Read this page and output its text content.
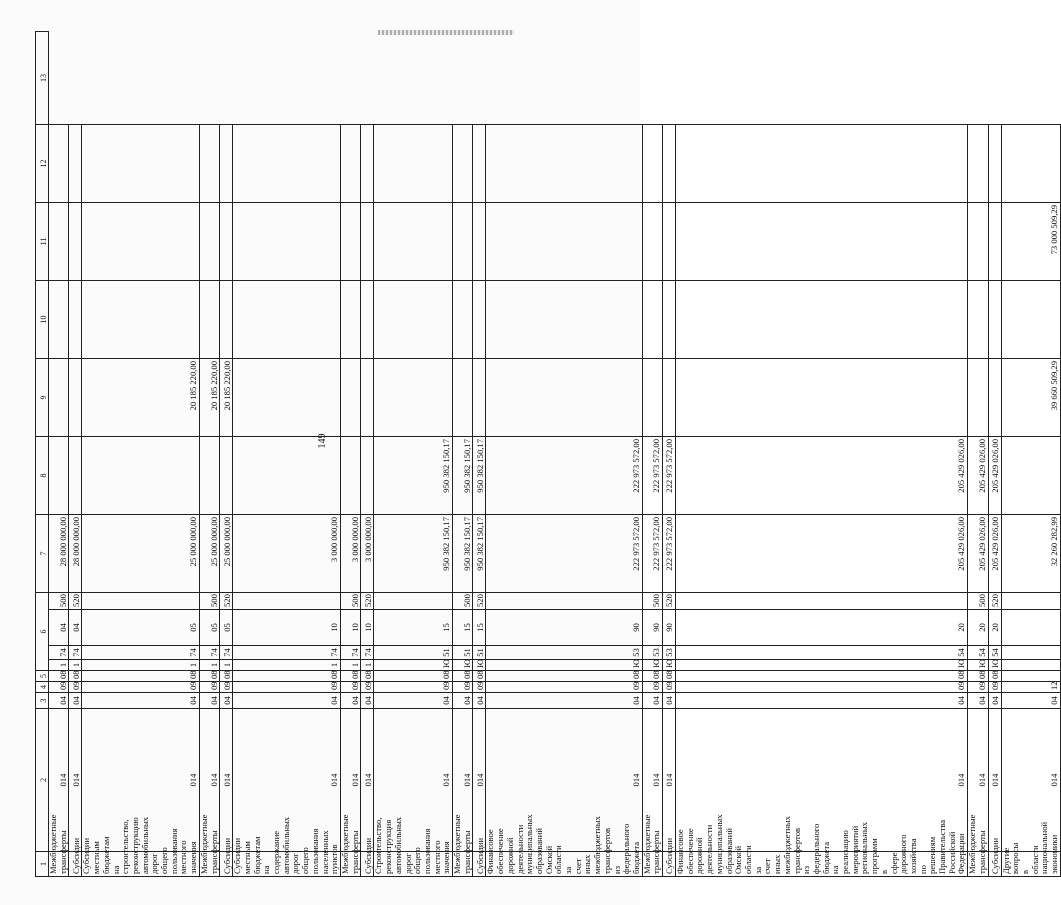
149
1	2	3	4	5	6				7	8	9	10	11	12	13
Межбюджетные трансферты	014	04	09	08	1	74	04	500	28 000 000,00						
Субсидии	014	04	09	08	1	74	04	520	28 000 000,00						
Субсидии местным бюджетам на строительство, реконструкцию автомобильных дорог общего пользования местного значения	014	04	09	08	1	74	05		25 000 000,00		20 185 220,00				
Межбюджетные трансферты	014	04	09	08	1	74	05	500	25 000 000,00		20 185 220,00				
Субсидии	014	04	09	08	1	74	05	520	25 000 000,00		20 185 220,00				
Субсидии местным бюджетам на содержание автомобильных дорог общего пользования населенных пунктов	014	04	09	08	1	74	10		3 000 000,00						
Межбюджетные трансферты	014	04	09	08	1	74	10	500	3 000 000,00						
Субсидии	014	04	09	08	1	74	10	520	3 000 000,00						
Строительство, реконструкция автомобильных дорог общего пользования местного значения	014	04	09	08	Ю	51	15		950 382 150,17	950 382 150,17					
Межбюджетные трансферты	014	04	09	08	Ю	51	15	500	950 382 150,17	950 382 150,17					
Субсидии	014	04	09	08	Ю	51	15	520	950 382 150,17	950 382 150,17					
Финансовое обеспечение дорожной деятельности муниципальных образований Омской области за счет иных межбюджетных трансфертов из федерального бюджета	014	04	09	08	Ю	53	90		222 973 572,00	222 973 572,00					
Межбюджетные трансферты	014	04	09	08	Ю	53	90	500	222 973 572,00	222 973 572,00					
Субсидии	014	04	09	08	Ю	53	90	520	222 973 572,00	222 973 572,00					
Финансовое обеспечение дорожной деятельности муниципальных образований Омской области за счет иных межбюджетных трансфертов из федерального бюджета на реализацию мероприятий региональных программ в сфере дорожного хозяйства по решениям Правительства Российской Федерации	014	04	09	08	Ю	54	20		205 429 026,00	205 429 026,00					
Межбюджетные трансферты	014	04	09	08	Ю	54	20	500	205 429 026,00	205 429 026,00					
Субсидии	014	04	09	08	Ю	54	20	520	205 429 026,00	205 429 026,00					
Другие вопросы в области национальной экономики	014	04	12						32 260 282,99		39 660 509,29		73 000 509,29		
